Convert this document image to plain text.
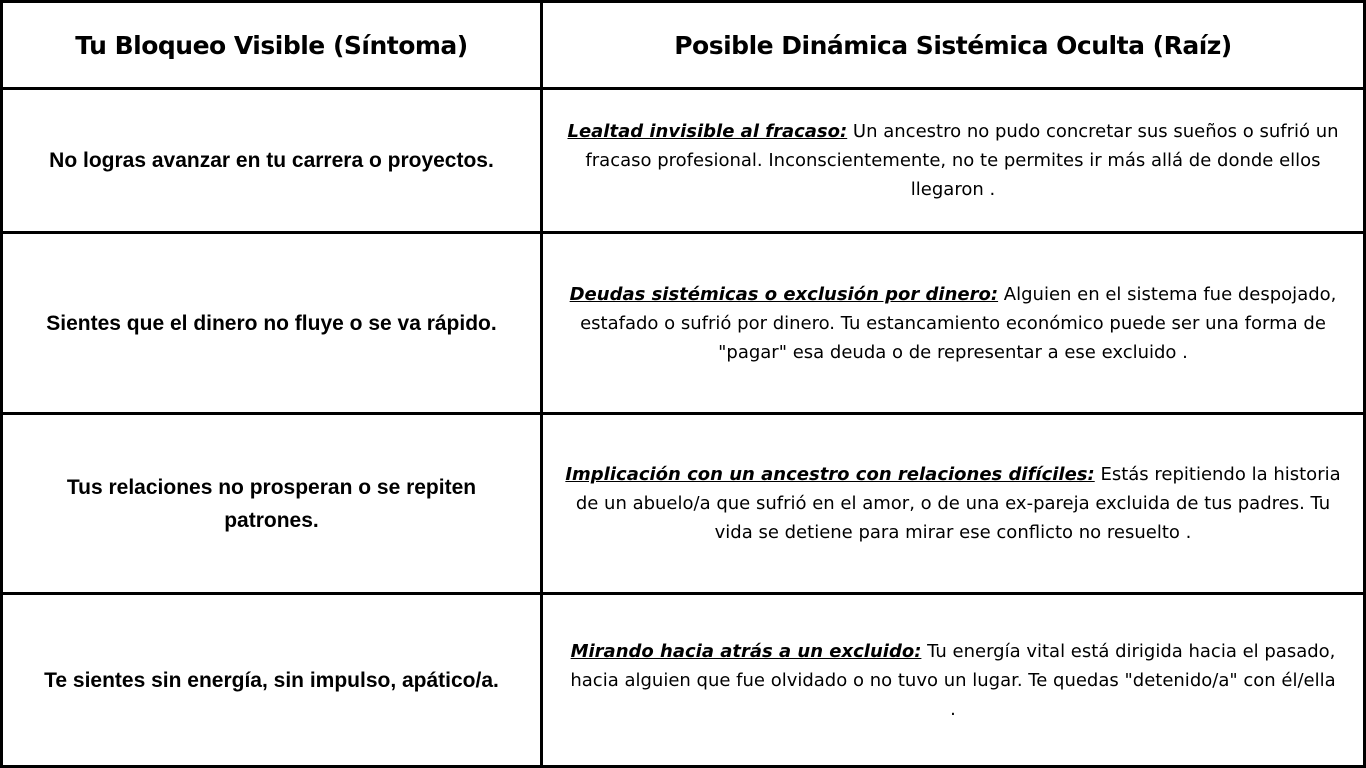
Tu Bloqueo Visible (Síntoma)	Posible Dinámica Sistémica Oculta (Raíz)
No logras avanzar en tu carrera o proyectos.

Lealtad invisible al fracaso: Un ancestro no pudo concretar sus sueños o sufrió un fracaso profesional. Inconscientemente, no te permites ir más allá de donde ellos llegaron .

Sientes que el dinero no fluye o se va rápido.

Deudas sistémicas o exclusión por dinero: Alguien en el sistema fue despojado, estafado o sufrió por dinero. Tu estancamiento económico puede ser una forma de "pagar" esa deuda o de representar a ese excluido .

Tus relaciones no prosperan o se repiten patrones.

Implicación con un ancestro con relaciones difíciles: Estás repitiendo la historia de un abuelo/a que sufrió en el amor, o de una ex-pareja excluida de tus padres. Tu vida se detiene para mirar ese conflicto no resuelto .

Te sientes sin energía, sin impulso, apático/a.

Mirando hacia atrás a un excluido: Tu energía vital está dirigida hacia el pasado, hacia alguien que fue olvidado o no tuvo un lugar. Te quedas "detenido/a" con él/ella .
